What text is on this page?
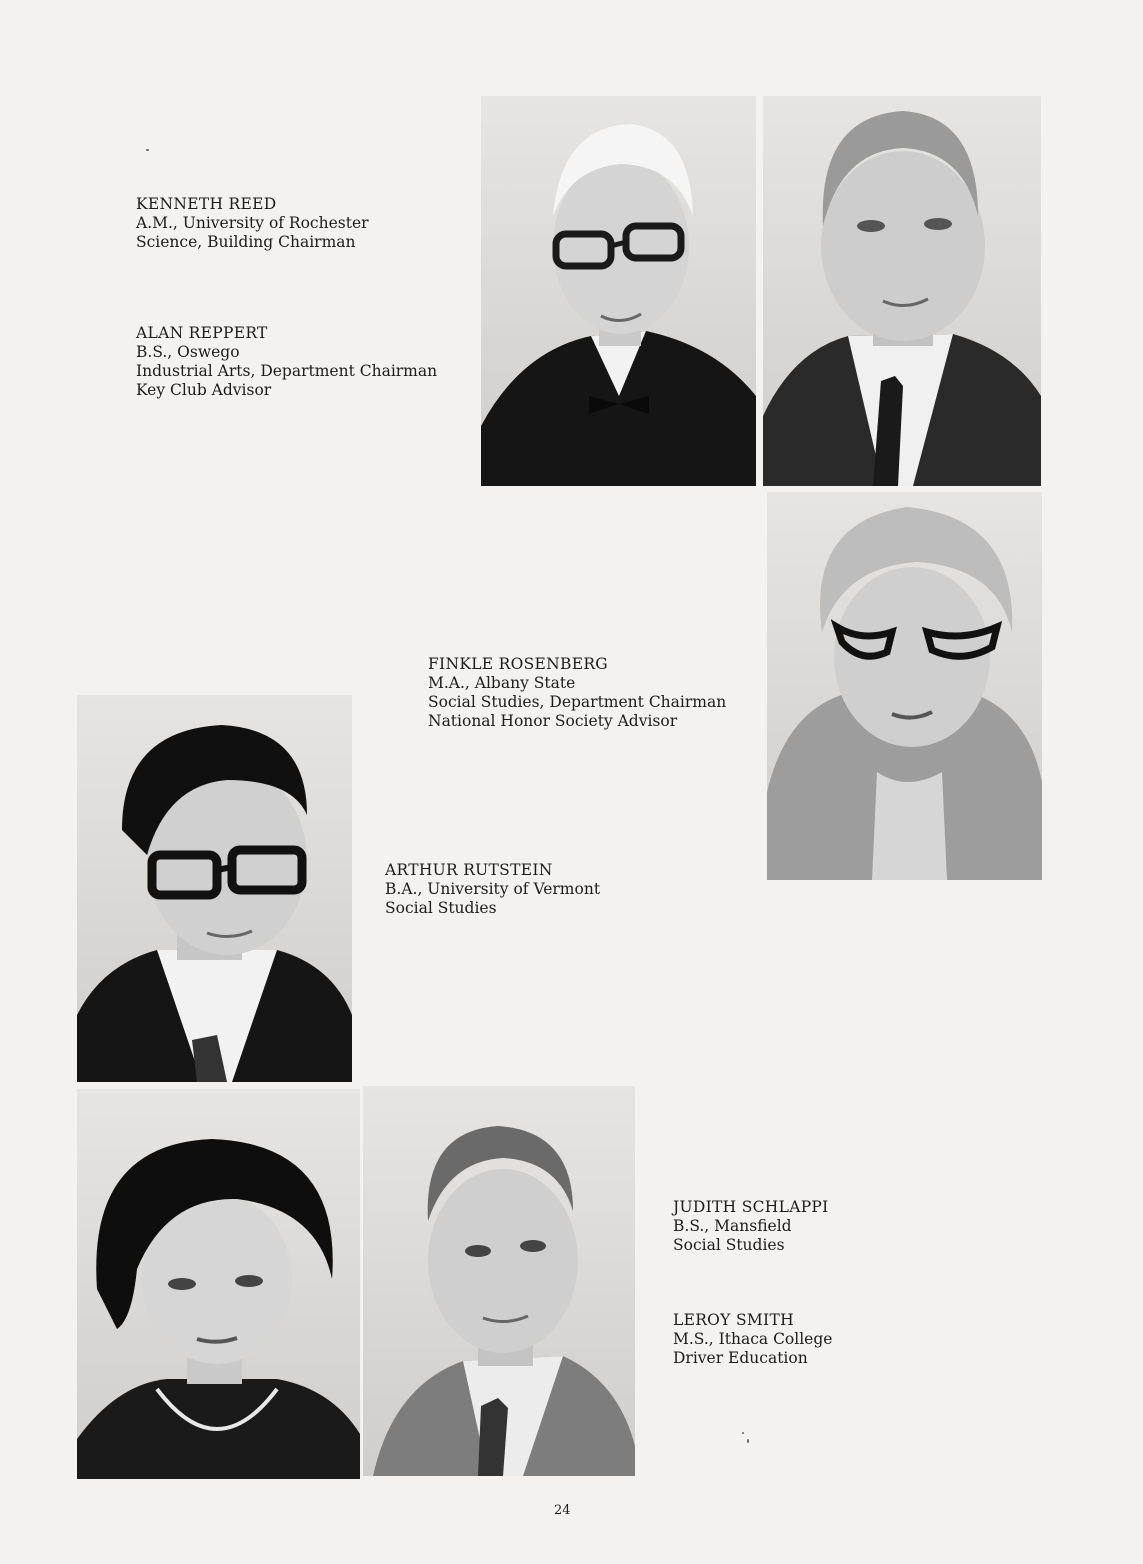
KENNETH REED
A.M., University of Rochester
Science, Building Chairman
ALAN REPPERT
B.S., Oswego
Industrial Arts, Department Chairman
Key Club Advisor
FINKLE ROSENBERG
M.A., Albany State
Social Studies, Department Chairman
National Honor Society Advisor
ARTHUR RUTSTEIN
B.A., University of Vermont
Social Studies
JUDITH SCHLAPPI
B.S., Mansfield
Social Studies
LEROY SMITH
M.S., Ithaca College
Driver Education
24
